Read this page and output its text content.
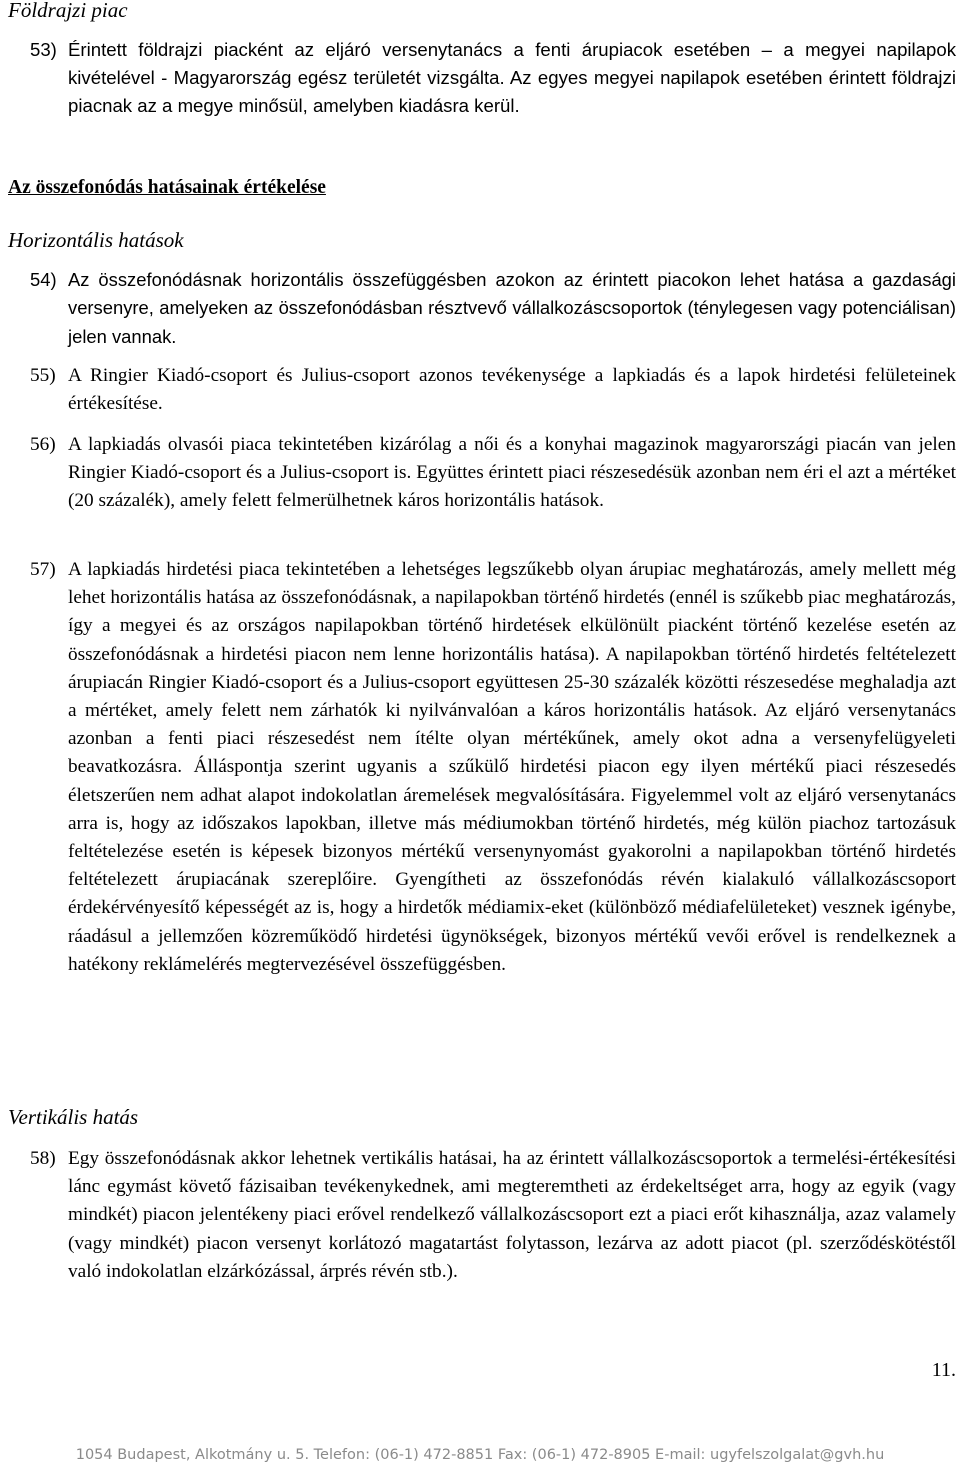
Földrajzi piac
53) Érintett földrajzi piacként az eljáró versenytanács a fenti árupiacok esetében – a megyei napilapok kivételével - Magyarország egész területét vizsgálta. Az egyes megyei napilapok esetében érintett földrajzi piacnak az a megye minősül, amelyben kiadásra kerül.
Az összefonódás hatásainak értékelése
Horizontális hatások
54) Az összefonódásnak horizontális összefüggésben azokon az érintett piacokon lehet hatása a gazdasági versenyre, amelyeken az összefonódásban résztvevő vállalkozáscsoportok (ténylegesen vagy potenciálisan) jelen vannak.
55) A Ringier Kiadó-csoport és Julius-csoport azonos tevékenysége a lapkiadás és a lapok hirdetési felületeinek értékesítése.
56) A lapkiadás olvasói piaca tekintetében kizárólag a női és a konyhai magazinok magyarországi piacán van jelen Ringier Kiadó-csoport és a Julius-csoport is. Együttes érintett piaci részesedésük azonban nem éri el azt a mértéket (20 százalék), amely felett felmerülhetnek káros horizontális hatások.
57) A lapkiadás hirdetési piaca tekintetében a lehetséges legszűkebb olyan árupiac meghatározás, amely mellett még lehet horizontális hatása az összefonódásnak, a napilapokban történő hirdetés (ennél is szűkebb piac meghatározás, így a megyei és az országos napilapokban történő hirdetések elkülönült piacként történő kezelése esetén az összefonódásnak a hirdetési piacon nem lenne horizontális hatása). A napilapokban történő hirdetés feltételezett árupiacán Ringier Kiadó-csoport és a Julius-csoport együttesen 25-30 százalék közötti részesedése meghaladja azt a mértéket, amely felett nem zárhatók ki nyilvánvalóan a káros horizontális hatások. Az eljáró versenytanács azonban a fenti piaci részesedést nem ítélte olyan mértékűnek, amely okot adna a versenyfelügyeleti beavatkozásra. Álláspontja szerint ugyanis a szűkülő hirdetési piacon egy ilyen mértékű piaci részesedés életszerűen nem adhat alapot indokolatlan áremelések megvalósítására. Figyelemmel volt az eljáró versenytanács arra is, hogy az időszakos lapokban, illetve más médiumokban történő hirdetés, még külön piachoz tartozásuk feltételezése esetén is képesek bizonyos mértékű versenynyomást gyakorolni a napilapokban történő hirdetés feltételezett árupiacának szereplőire. Gyengítheti az összefonódás révén kialakuló vállalkozáscsoport érdekérvényesítő képességét az is, hogy a hirdetők médiamix-eket (különböző médiafelületeket) vesznek igénybe, ráadásul a jellemzően közreműködő hirdetési ügynökségek, bizonyos mértékű vevői erővel is rendelkeznek a hatékony reklámelérés megtervezésével összefüggésben.
Vertikális hatás
58) Egy összefonódásnak akkor lehetnek vertikális hatásai, ha az érintett vállalkozáscsoportok a termelési-értékesítési lánc egymást követő fázisaiban tevékenykednek, ami megteremtheti az érdekeltséget arra, hogy az egyik (vagy mindkét) piacon jelentékeny piaci erővel rendelkező vállalkozáscsoport ezt a piaci erőt kihasználja, azaz valamely (vagy mindkét) piacon versenyt korlátozó magatartást folytasson, lezárva az adott piacot (pl. szerződéskötéstől való indokolatlan elzárkózással, árprés révén stb.).
11.
1054 Budapest, Alkotmány u. 5. Telefon: (06-1) 472-8851 Fax: (06-1) 472-8905 E-mail: ugyfelszolgalat@gvh.hu
